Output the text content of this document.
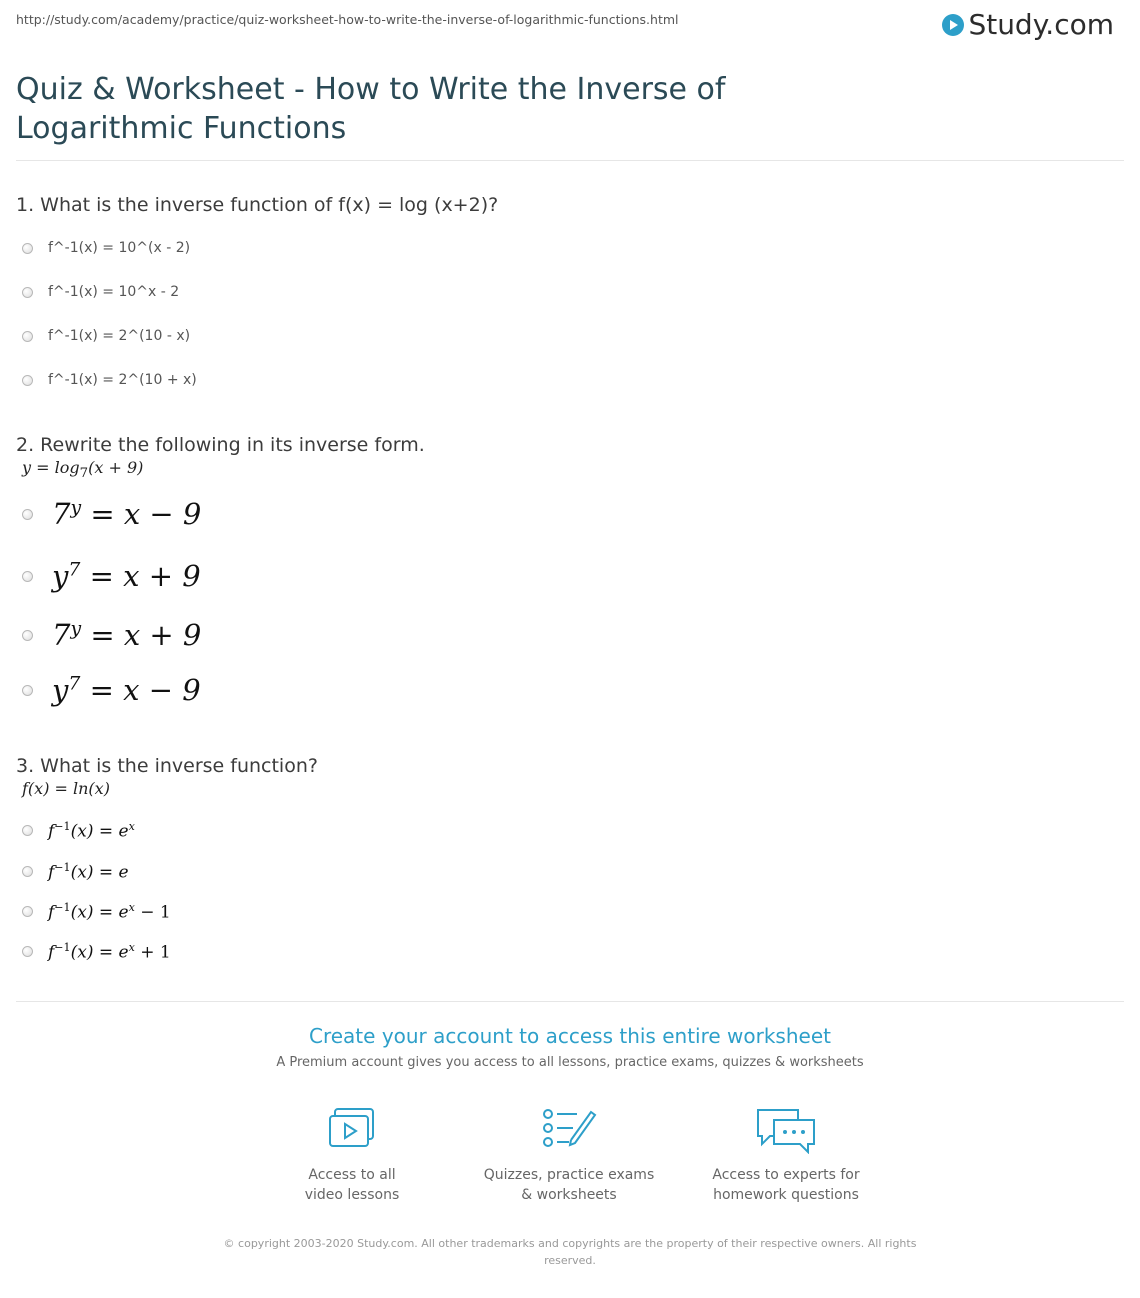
http://study.com/academy/practice/quiz-worksheet-how-to-write-the-inverse-of-logarithmic-functions.html	Study.com
Quiz & Worksheet - How to Write the Inverse of Logarithmic Functions
1. What is the inverse function of f(x) = log (x+2)?
f^-1(x) = 10^(x - 2)
f^-1(x) = 10^x - 2
f^-1(x) = 2^(10 - x)
f^-1(x) = 2^(10 + x)
2. Rewrite the following in its inverse form.
$y = \log_7(x + 9)$
$7^y = x - 9$
$y^7 = x + 9$
$7^y = x + 9$
$y^7 = x - 9$
3. What is the inverse function?
f(x) = ln(x)
$f^{-1}(x) = e^x$
$f^{-1}(x) = e$
$f^{-1}(x) = e^x - 1$
$f^{-1}(x) = e^x + 1$
Create your account to access this entire worksheet
A Premium account gives you access to all lessons, practice exams, quizzes & worksheets
Access to all
video lessons
Quizzes, practice exams
& worksheets
Access to experts for
homework questions
© copyright 2003-2020 Study.com. All other trademarks and copyrights are the property of their respective owners. All rights reserved.
